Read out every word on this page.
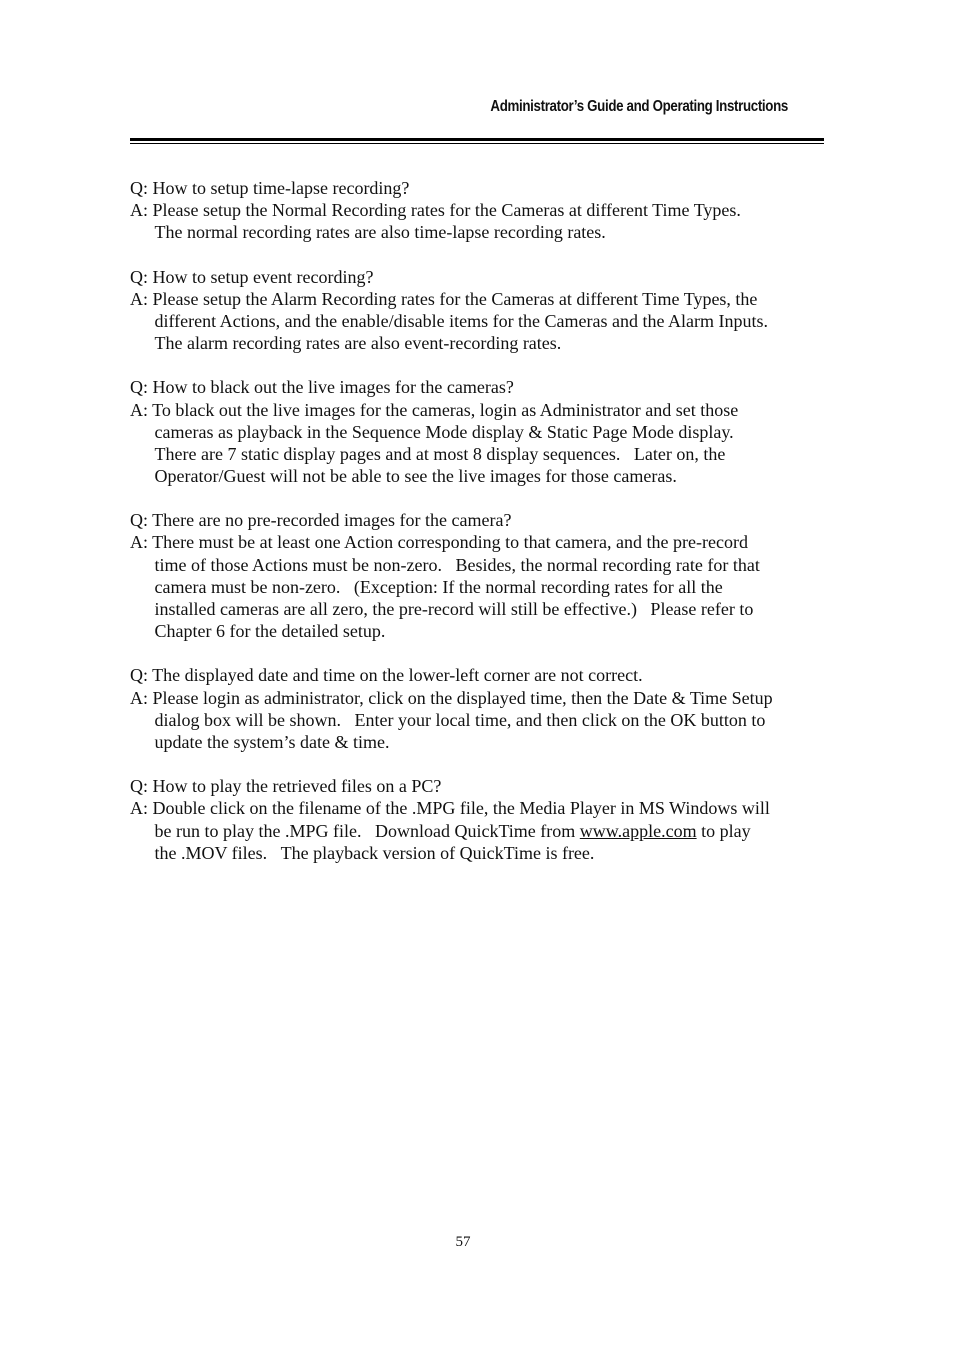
Administrator’s Guide and Operating Instructions
Q: How to setup time-lapse recording?
A: Please setup the Normal Recording rates for the Cameras at different Time Types.
The normal recording rates are also time-lapse recording rates.
Q: How to setup event recording?
A: Please setup the Alarm Recording rates for the Cameras at different Time Types, the
different Actions, and the enable/disable items for the Cameras and the Alarm Inputs.
The alarm recording rates are also event-recording rates.
Q: How to black out the live images for the cameras?
A: To black out the live images for the cameras, login as Administrator and set those
cameras as playback in the Sequence Mode display & Static Page Mode display.
There are 7 static display pages and at most 8 display sequences.   Later on, the
Operator/Guest will not be able to see the live images for those cameras.
Q: There are no pre-recorded images for the camera?
A: There must be at least one Action corresponding to that camera, and the pre-record
time of those Actions must be non-zero.   Besides, the normal recording rate for that
camera must be non-zero.   (Exception: If the normal recording rates for all the
installed cameras are all zero, the pre-record will still be effective.)   Please refer to
Chapter 6 for the detailed setup.
Q: The displayed date and time on the lower-left corner are not correct.
A: Please login as administrator, click on the displayed time, then the Date & Time Setup
dialog box will be shown.   Enter your local time, and then click on the OK button to
update the system’s date & time.
Q: How to play the retrieved files on a PC?
A: Double click on the filename of the .MPG file, the Media Player in MS Windows will
be run to play the .MPG file.   Download QuickTime from www.apple.com to play
the .MOV files.   The playback version of QuickTime is free.
57
